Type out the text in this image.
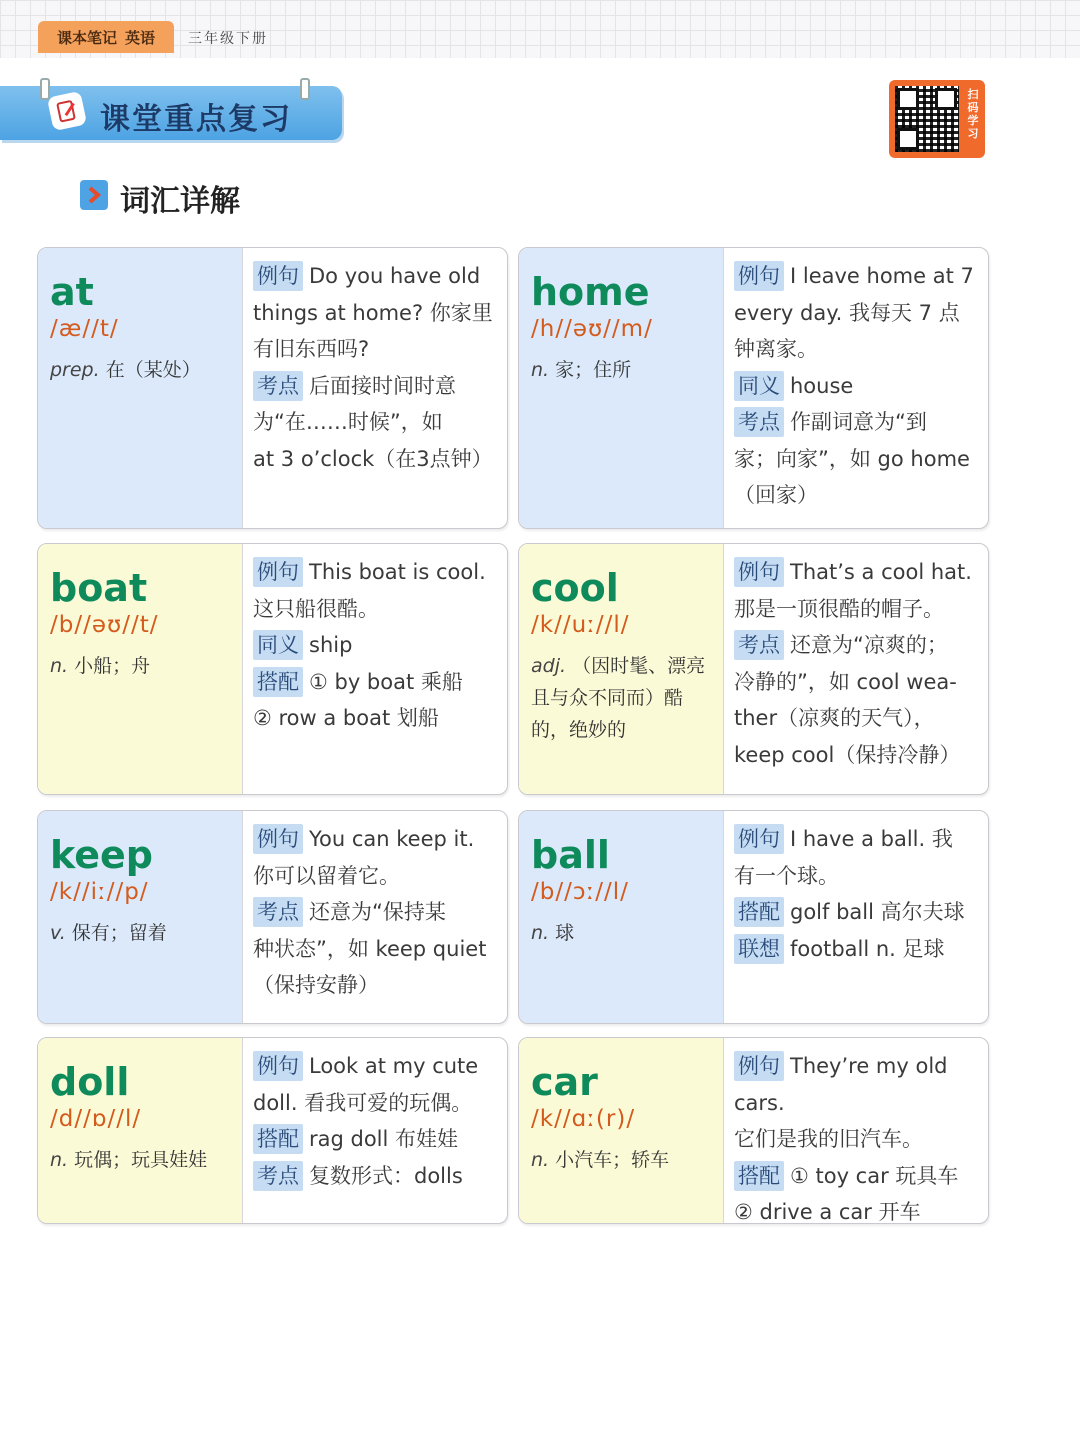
课本笔记 英语 三年级下册
课堂重点复习
扫码学习
词汇详解
at
/æ//t/
prep. 在（某处）
例句 Do you have old
things at home? 你家里
有旧东西吗?
考点 后面接时间时意
为“在……时候”，如
at 3 o’clock（在3点钟）
home
/h//əʊ//m/
n. 家；住所
例句 I leave home at 7
every day. 我每天 7 点
钟离家。
同义 house
考点 作副词意为“到
家；向家”，如 go home
（回家）
boat
/b//əʊ//t/
n. 小船；舟
例句 This boat is cool.
这只船很酷。
同义 ship
搭配 ① by boat 乘船
② row a boat 划船
cool
/k//uː//l/
adj. （因时髦、漂亮且与众不同而）酷的，绝妙的
例句 That’s a cool hat.
那是一顶很酷的帽子。
考点 还意为“凉爽的；
冷静的”，如 cool wea-
ther（凉爽的天气），
keep cool（保持冷静）
keep
/k//iː//p/
v. 保有；留着
例句 You can keep it.
你可以留着它。
考点 还意为“保持某
种状态”，如 keep quiet
（保持安静）
ball
/b//ɔː//l/
n. 球
例句 I have a ball. 我
有一个球。
搭配 golf ball 高尔夫球
联想 football n. 足球
doll
/d//ɒ//l/
n. 玩偶；玩具娃娃
例句 Look at my cute
doll. 看我可爱的玩偶。
搭配 rag doll 布娃娃
考点 复数形式：dolls
car
/k//ɑː(r)/
n. 小汽车；轿车
例句 They’re my old cars.
它们是我的旧汽车。
搭配 ① toy car 玩具车
② drive a car 开车
